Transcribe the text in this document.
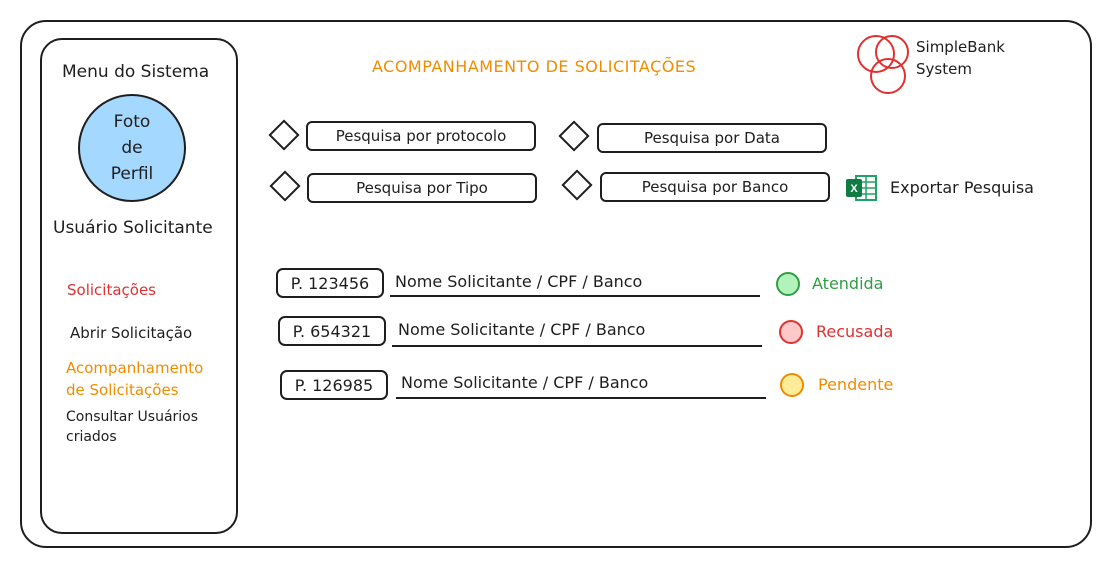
Menu do Sistema
Foto
de
Perfil
Usuário Solicitante
Solicitações
Abrir Solicitação
Acompanhamento
de Solicitações
Consultar Usuários
criados
ACOMPANHAMENTO DE SOLICITAÇÕES
SimpleBank
System
Pesquisa por protocolo	Pesquisa por Data
Pesquisa por Tipo	Pesquisa por Banco	X Exportar Pesquisa
P. 123456	Nome Solicitante / CPF / Banco	Atendida
P. 654321	Nome Solicitante / CPF / Banco	Recusada
P. 126985	Nome Solicitante / CPF / Banco	Pendente
